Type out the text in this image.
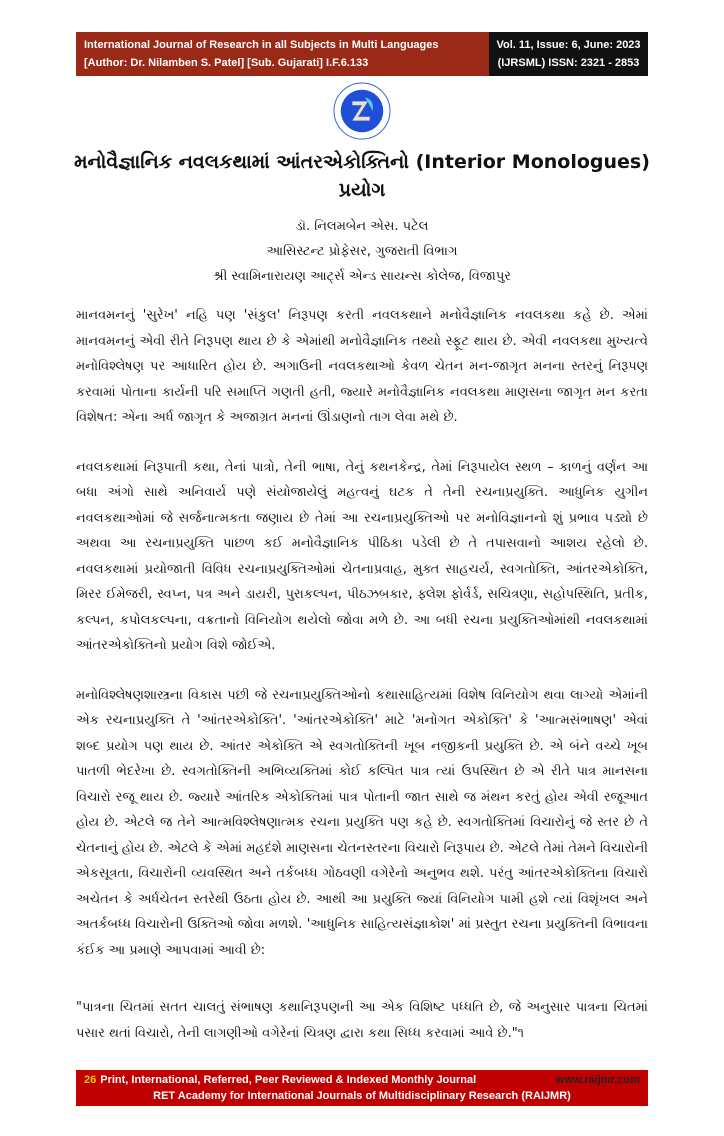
International Journal of Research in all Subjects in Multi Languages
[Author: Dr. Nilamben S. Patel] [Sub. Gujarati] I.F.6.133
Vol. 11, Issue: 6, June: 2023
(IJRSML) ISSN: 2321 - 2853
મનોવૈજ્ઞાનિક નવલકથામાં આંતરએકોક્તિનો (Interior Monologues) પ્રયોગ
ડૉ. નિલમબેન એસ. પટેલ
આસિસ્ટન્ટ પ્રોફેસર, ગુજરાતી વિભાગ
શ્રી સ્વામિનારાયણ આર્ટ્સ એન્ડ સાયન્સ કોલેજ, વિજાપુર

માનવમનનું 'સુરેખ' નહિ પણ 'સંકુલ' નિરૂપણ કરતી નવલકથાને મનોવૈજ્ઞાનિક નવલકથા કહે છે. એમાં માનવમનનું એવી રીતે નિરૂપણ થાય છે કે એમાંથી મનોવૈજ્ઞાનિક તથ્યો સ્ફૂટ થાય છે. એવી નવલકથા મુખ્યત્વે મનોવિશ્લેષણ પર આધારિત હોય છે. અગાઉની નવલકથાઓ કેવળ ચેતન મન-જાગૃત મનના સ્તરનું નિરૂપણ કરવામાં પોતાના કાર્યની પરિ સમાપ્તિ ગણતી હતી, જ્યારે મનોવૈજ્ઞાનિક નવલકથા માણસના જાગૃત મન કરતા વિશેષત: એના અર્ધ જાગૃત કે અજાગ્રત મનનાં ઊંડાણનો તાગ લેવા મથે છે.

નવલકથામાં નિરૂપાતી કથા, તેનાં પાત્રો, તેની ભાષા, તેનું કથનકેન્દ્ર, તેમાં નિરૂપાયેલ સ્થળ – કાળનું વર્ણન આ બધા અંગો સાથે અનિવાર્ય પણે સંયોજાયેલું મહત્વનું ઘટક તે તેની રચનાપ્રયુક્તિ. આધુનિક યુગીન નવલકથાઓમાં જે સર્જનાત્મકતા જણાય છે તેમાં આ રચનાપ્રયુક્તિઓ પર મનોવિજ્ઞાનનો શું પ્રભાવ પડ્યો છે અથવા આ રચનાપ્રયુક્તિ પાછળ કઈ મનોવૈજ્ઞાનિક પીઠિકા પડેલી છે તે તપાસવાનો આશય રહેલો છે. નવલકથામાં પ્રયોજાતી વિવિધ રચનાપ્રયુક્તિઓમાં ચેતનાપ્રવાહ, મુક્ત સાહચર્ય, સ્વગતોક્તિ, આંતરએકોક્તિ, મિરર ઈમેજરી, સ્વપ્ન, પત્ર અને ડાયરી, પુરાકલ્પન, પીઠઝબકાર, ફ્લેશ ફોર્વર્ડ, સચિત્રણા, સહોપસ્થિતિ, પ્રતીક, કલ્પન, કપોલકલ્પના, વક્રતાનો વિનિયોગ થયેલો જોવા મળે છે. આ બધી રચના પ્રયુક્તિઓમાંથી નવલકથામાં આંતરએકોક્તિનો પ્રયોગ વિશે જોઈએ.

મનોવિશ્લેષણશાસ્ત્રના વિકાસ પછી જે રચનાપ્રયુક્તિઓનો કથાસાહિત્યમાં વિશેષ વિનિયોગ થવા લાગ્યો એમાંની એક રચનાપ્રયુક્તિ તે 'આંતરએકોક્તિ'. 'આંતરએકોક્તિ' માટે 'મનોગત એકોક્તિ' કે 'આત્મસંભાષણ' એવાં શબ્દ પ્રયોગ પણ થાય છે. આંતર એકોક્તિ એ સ્વગતોક્તિની ખૂબ નજીકની પ્રયુક્તિ છે. એ બંને વચ્ચે ખૂબ પાતળી ભેદરેખા છે. સ્વગતોક્તિની અભિવ્યક્તિમાં કોઈ કલ્પિત પાત્ર ત્યાં ઉપસ્થિત છે એ રીતે પાત્ર માનસના વિચારો રજૂ થાય છે. જ્યારે આંતરિક એકોક્તિમાં પાત્ર પોતાની જાત સાથે જ મંથન કરતું હોય એવી રજૂઆત હોય છે. એટલે જ તેને આત્મવિશ્લેષણાત્મક રચના પ્રયુક્તિ પણ કહે છે. સ્વગતોક્તિમાં વિચારોનું જે સ્તર છે તે ચેતનાનું હોય છે. એટલે કે એમાં મહદંશે માણસના ચેતનસ્તરના વિચારો નિરૂપાય છે. એટલે તેમાં તેમને વિચારોની એકસૂત્રતા, વિચારોની વ્યવસ્થિત અને તર્કબધ્ધ ગોઠવણી વગેરેનો અનુભવ થશે. પરંતુ આંતરએકોક્તિના વિચારો અચેતન કે અર્ધચેતન સ્તરેથી ઉઠતા હોય છે. આથી આ પ્રયુક્તિ જ્યાં વિનિયોગ પામી હશે ત્યાં વિશૃંખલ અને અતર્કબધ્ધ વિચારોની ઉક્તિઓ જોવા મળશે. 'આધુનિક સાહિત્યસંજ્ઞાકોશ' માં પ્રસ્તુત રચના પ્રયુક્તિની વિભાવના કંઈક આ પ્રમાણે આપવામાં આવી છે:

"પાત્રના ચિતમાં સતત ચાલતું સંભાષણ કથાનિરૂપણની આ એક વિશિષ્ટ પધ્ધતિ છે, જે અનુસાર પાત્રના ચિતમાં પસાર થતાં વિચારો, તેની લાગણીઓ વગેરેનાં ચિત્રણ દ્વારા કથા સિધ્ધ કરવામાં આવે છે."૧

26 Print, International, Referred, Peer Reviewed & Indexed Monthly Journal	www.raijmr.com
RET Academy for International Journals of Multidisciplinary Research (RAIJMR)
